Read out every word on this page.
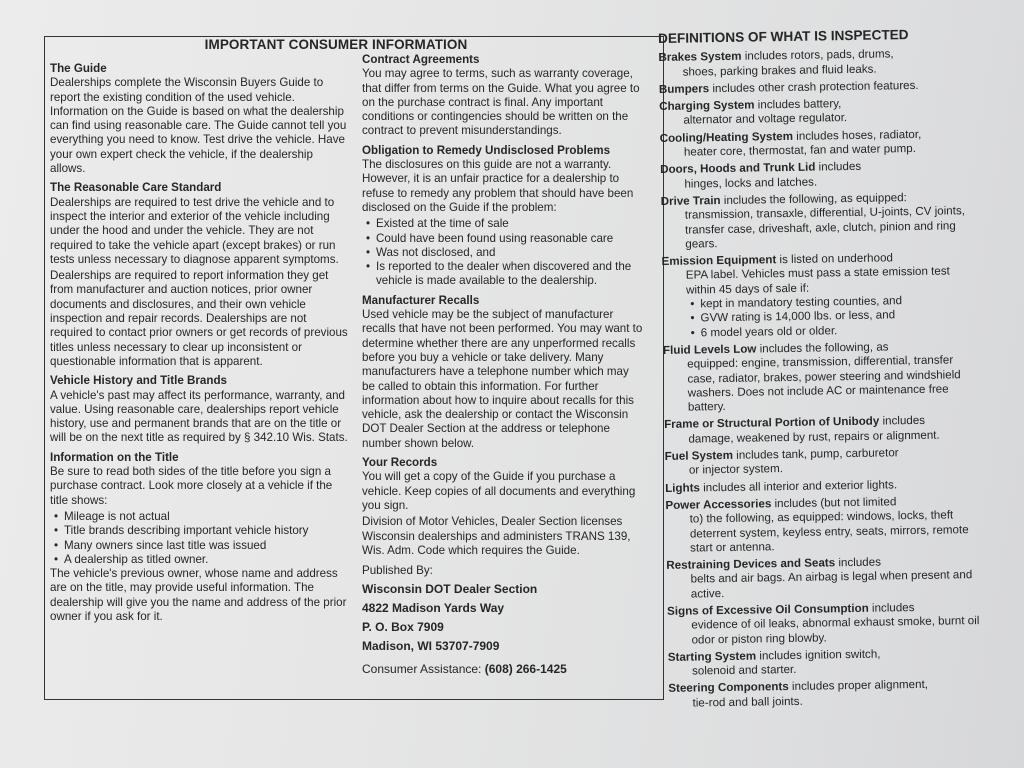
IMPORTANT CONSUMER INFORMATION
The Guide

Dealerships complete the Wisconsin Buyers Guide to report the existing condition of the used vehicle. Information on the Guide is based on what the dealership can find using reasonable care. The Guide cannot tell you everything you need to know. Test drive the vehicle. Have your own expert check the vehicle, if the dealership allows.

The Reasonable Care Standard

Dealerships are required to test drive the vehicle and to inspect the interior and exterior of the vehicle including under the hood and under the vehicle. They are not required to take the vehicle apart (except brakes) or run tests unless necessary to diagnose apparent symptoms.

Dealerships are required to report information they get from manufacturer and auction notices, prior owner documents and disclosures, and their own vehicle inspection and repair records. Dealerships are not required to contact prior owners or get records of previous titles unless necessary to clear up inconsistent or questionable information that is apparent.

Vehicle History and Title Brands

A vehicle's past may affect its performance, warranty, and value. Using reasonable care, dealerships report vehicle history, use and permanent brands that are on the title or will be on the next title as required by § 342.10 Wis. Stats.

Information on the Title

Be sure to read both sides of the title before you sign a purchase contract. Look more closely at a vehicle if the title shows:

• Mileage is not actual
• Title brands describing important vehicle history
• Many owners since last title was issued
• A dealership as titled owner.

The vehicle's previous owner, whose name and address are on the title, may provide useful information. The dealership will give you the name and address of the prior owner if you ask for it.

Contract Agreements

You may agree to terms, such as warranty coverage, that differ from terms on the Guide. What you agree to on the purchase contract is final. Any important conditions or contingencies should be written on the contract to prevent misunderstandings.

Obligation to Remedy Undisclosed Problems

The disclosures on this guide are not a warranty. However, it is an unfair practice for a dealership to refuse to remedy any problem that should have been disclosed on the Guide if the problem:

• Existed at the time of sale
• Could have been found using reasonable care
• Was not disclosed, and
• Is reported to the dealer when discovered and the vehicle is made available to the dealership.
Manufacturer Recalls

Used vehicle may be the subject of manufacturer recalls that have not been performed. You may want to determine whether there are any unperformed recalls before you buy a vehicle or take delivery. Many manufacturers have a telephone number which may be called to obtain this information. For further information about how to inquire about recalls for this vehicle, ask the dealership or contact the Wisconsin DOT Dealer Section at the address or telephone number shown below.

Your Records

You will get a copy of the Guide if you purchase a vehicle. Keep copies of all documents and everything you sign.

Division of Motor Vehicles, Dealer Section licenses Wisconsin dealerships and administers TRANS 139, Wis. Adm. Code which requires the Guide.

Published By:

Wisconsin DOT Dealer Section
4822 Madison Yards Way
P. O. Box 7909
Madison, WI 53707-7909

Consumer Assistance: (608) 266-1425

DEFINITIONS OF WHAT IS INSPECTED
Brakes System includes rotors, pads, drums,
shoes, parking brakes and fluid leaks.
Bumpers includes other crash protection features.
Charging System includes battery,
alternator and voltage regulator.
Cooling/Heating System includes hoses, radiator,
heater core, thermostat, fan and water pump.
Doors, Hoods and Trunk Lid includes
hinges, locks and latches.
Drive Train includes the following, as equipped:
transmission, transaxle, differential, U-joints, CV joints, transfer case, driveshaft, axle, clutch, pinion and ring gears.
Emission Equipment is listed on underhood
EPA label. Vehicles must pass a state emission test within 45 days of sale if:
• kept in mandatory testing counties, and
• GVW rating is 14,000 lbs. or less, and
• 6 model years old or older.
Fluid Levels Low includes the following, as
equipped: engine, transmission, differential, transfer case, radiator, brakes, power steering and windshield washers. Does not include AC or maintenance free battery.
Frame or Structural Portion of Unibody includes
damage, weakened by rust, repairs or alignment.
Fuel System includes tank, pump, carburetor
or injector system.
Lights includes all interior and exterior lights.
Power Accessories includes (but not limited
to) the following, as equipped: windows, locks, theft deterrent system, keyless entry, seats, mirrors, remote start or antenna.
Restraining Devices and Seats includes
belts and air bags. An airbag is legal when present and active.
Signs of Excessive Oil Consumption includes
evidence of oil leaks, abnormal exhaust smoke, burnt oil odor or piston ring blowby.
Starting System includes ignition switch,
solenoid and starter.
Steering Components includes proper alignment,
tie-rod and ball joints.
